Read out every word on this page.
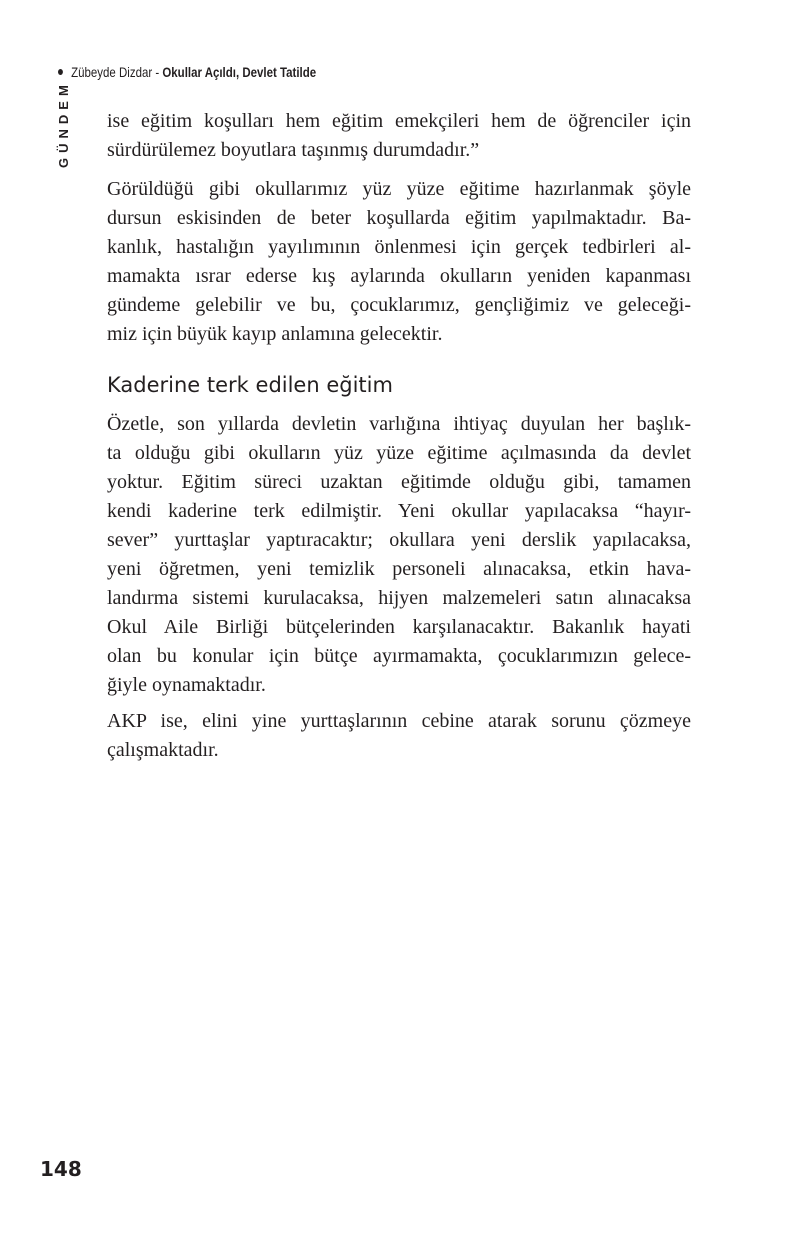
Zübeyde Dizdar - Okullar Açıldı, Devlet Tatilde
GÜNDEM ise eğitim koşulları hem eğitim emekçileri hem de öğrenciler için
sürdürülemez boyutlara taşınmış durumdadır.”
Görüldüğü gibi okullarımız yüz yüze eğitime hazırlanmak şöyle
dursun eskisinden de beter koşullarda eğitim yapılmaktadır. Ba-
kanlık, hastalığın yayılımının önlenmesi için gerçek tedbirleri al-
mamakta ısrar ederse kış aylarında okulların yeniden kapanması
gündeme gelebilir ve bu, çocuklarımız, gençliğimiz ve geleceği-
miz için büyük kayıp anlamına gelecektir.
Kaderine terk edilen eğitim
Özetle, son yıllarda devletin varlığına ihtiyaç duyulan her başlık-
ta olduğu gibi okulların yüz yüze eğitime açılmasında da devlet
yoktur. Eğitim süreci uzaktan eğitimde olduğu gibi, tamamen
kendi kaderine terk edilmiştir. Yeni okullar yapılacaksa “hayır-
sever” yurttaşlar yaptıracaktır; okullara yeni derslik yapılacaksa,
yeni öğretmen, yeni temizlik personeli alınacaksa, etkin hava-
landırma sistemi kurulacaksa, hijyen malzemeleri satın alınacaksa
Okul Aile Birliği bütçelerinden karşılanacaktır. Bakanlık hayati
olan bu konular için bütçe ayırmamakta, çocuklarımızın gelece-
ğiyle oynamaktadır.
AKP ise, elini yine yurttaşlarının cebine atarak sorunu çözmeye
çalışmaktadır.
148
